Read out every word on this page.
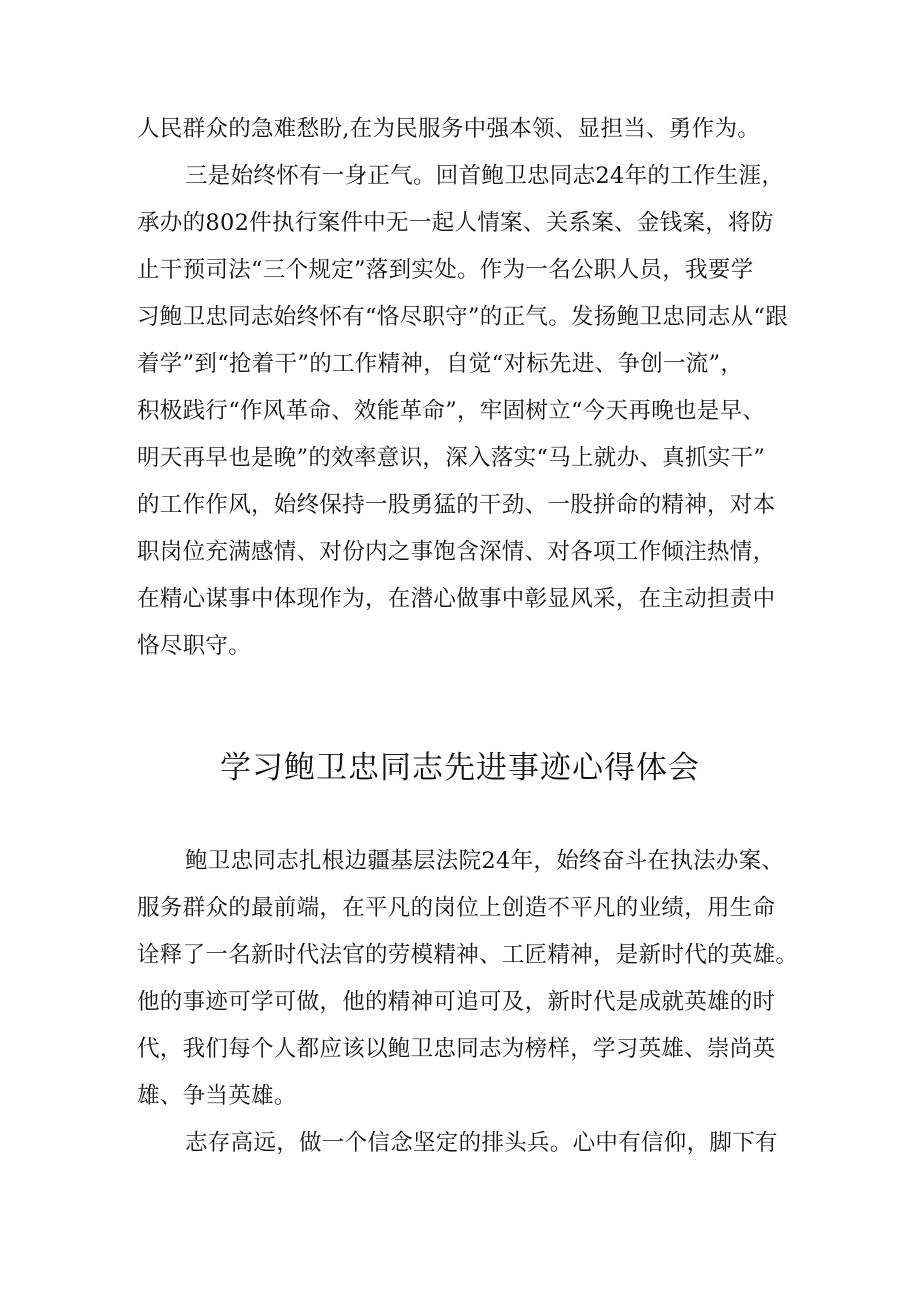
人民群众的急难愁盼,在为民服务中强本领、显担当、勇作为。
三是始终怀有一身正气。回首鲍卫忠同志24年的工作生涯，
承办的802件执行案件中无一起人情案、关系案、金钱案，将防
止干预司法“三个规定”落到实处。作为一名公职人员，我要学
习鲍卫忠同志始终怀有“恪尽职守”的正气。发扬鲍卫忠同志从“跟
着学”到“抢着干”的工作精神，自觉“对标先进、争创一流”，
积极践行“作风革命、效能革命”，牢固树立“今天再晚也是早、
明天再早也是晚”的效率意识，深入落实“马上就办、真抓实干”
的工作作风，始终保持一股勇猛的干劲、一股拼命的精神，对本
职岗位充满感情、对份内之事饱含深情、对各项工作倾注热情，
在精心谋事中体现作为，在潜心做事中彰显风采，在主动担责中
恪尽职守。
学习鲍卫忠同志先进事迹心得体会
鲍卫忠同志扎根边疆基层法院24年，始终奋斗在执法办案、
服务群众的最前端，在平凡的岗位上创造不平凡的业绩，用生命
诠释了一名新时代法官的劳模精神、工匠精神，是新时代的英雄。
他的事迹可学可做，他的精神可追可及，新时代是成就英雄的时
代，我们每个人都应该以鲍卫忠同志为榜样，学习英雄、崇尚英
雄、争当英雄。
志存高远，做一个信念坚定的排头兵。心中有信仰，脚下有
